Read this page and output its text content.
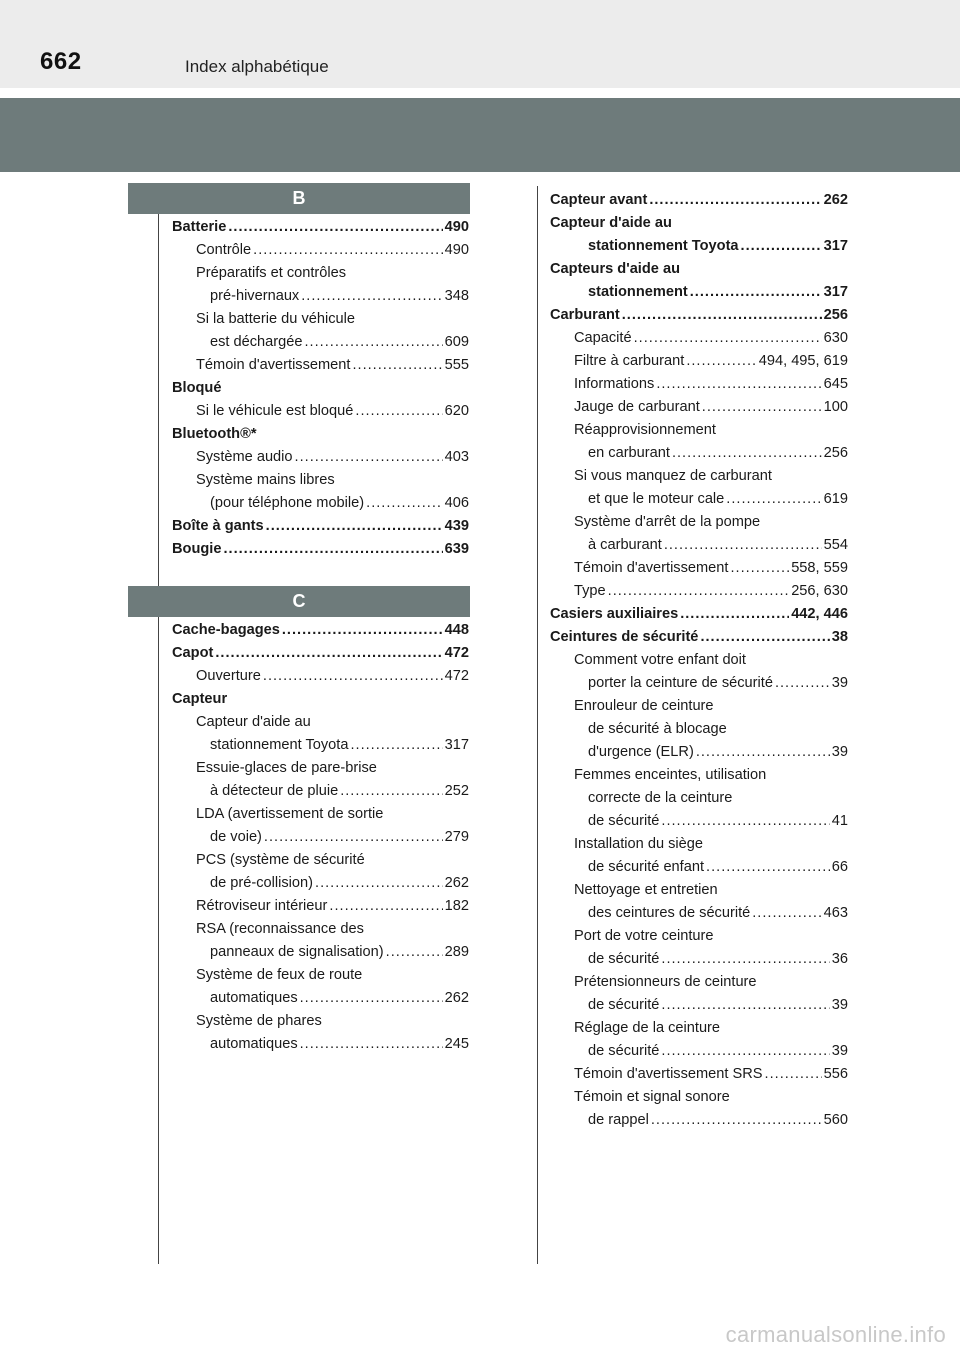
662	Index alphabétique
B
C
Batterie .....	490
Contrôle .....	490
Préparatifs et contrôles
pré-hivernaux .....	348
Si la batterie du véhicule
est déchargée .....	609
Témoin d'avertissement .....	555
Bloqué
Si le véhicule est bloqué .....	620
Bluetooth®*
Système audio .....	403
Système mains libres
(pour téléphone mobile) .....	406
Boîte à gants .....	439
Bougie .....	639
Cache-bagages .....	448
Capot .....	472
Ouverture .....	472
Capteur
Capteur d'aide au
stationnement Toyota .....	317
Essuie-glaces de pare-brise
à détecteur de pluie .....	252
LDA (avertissement de sortie
de voie) .....	279
PCS (système de sécurité
de pré-collision) .....	262
Rétroviseur intérieur .....	182
RSA (reconnaissance des
panneaux de signalisation) .....	289
Système de feux de route
automatiques .....	262
Système de phares
automatiques .....	245
Capteur avant .....	262
Capteur d'aide au
stationnement Toyota .....	317
Capteurs d'aide au
stationnement .....	317
Carburant .....	256
Capacité .....	630
Filtre à carburant .....	494, 495, 619
Informations .....	645
Jauge de carburant .....	100
Réapprovisionnement
en carburant .....	256
Si vous manquez de carburant
et que le moteur cale .....	619
Système d'arrêt de la pompe
à carburant .....	554
Témoin d'avertissement .....	558, 559
Type .....	256, 630
Casiers auxiliaires .....	442, 446
Ceintures de sécurité .....	38
Comment votre enfant doit
porter la ceinture de sécurité .....	39
Enrouleur de ceinture
de sécurité à blocage
d'urgence (ELR) .....	39
Femmes enceintes, utilisation
correcte de la ceinture
de sécurité .....	41
Installation du siège
de sécurité enfant .....	66
Nettoyage et entretien
des ceintures de sécurité .....	463
Port de votre ceinture
de sécurité .....	36
Prétensionneurs de ceinture
de sécurité .....	39
Réglage de la ceinture
de sécurité .....	39
Témoin d'avertissement SRS .....	556
Témoin et signal sonore
de rappel .....	560
carmanualsonline.info
